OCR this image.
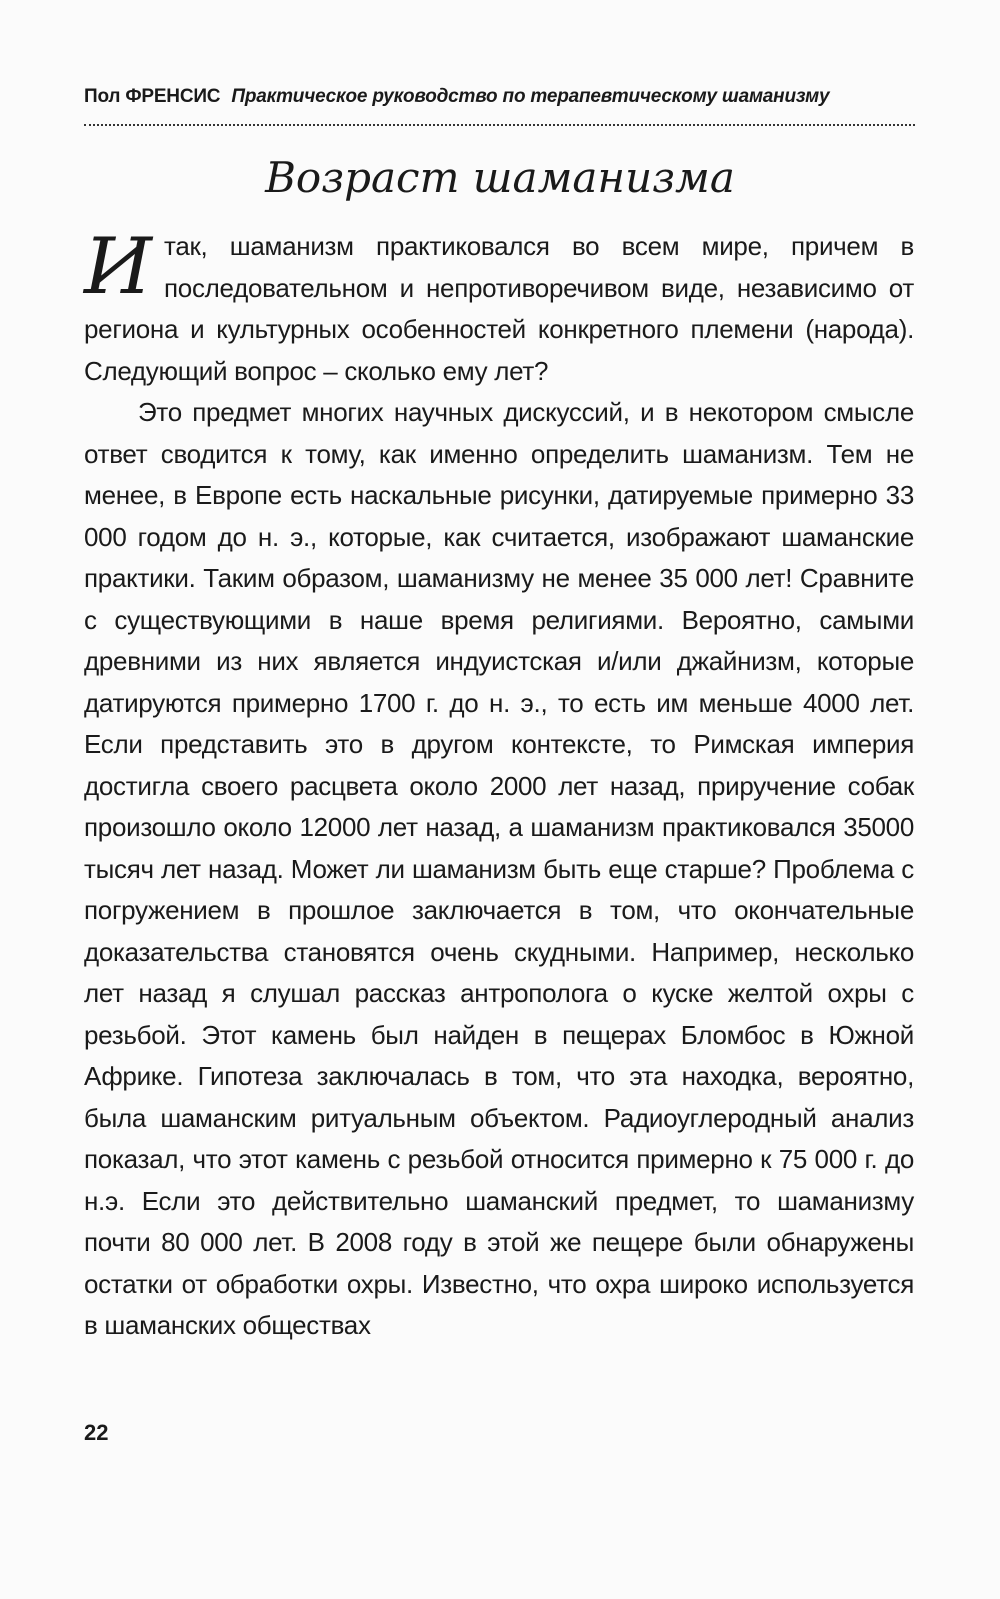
Пол ФРЕНСИС Практическое руководство по терапевтическому шаманизму
Возраст шаманизма

И так, шаманизм практиковался во всем мире, причем в последовательном и непротиворечивом виде, независимо от региона и культурных особенностей конкретного племени (народа). Следующий вопрос – сколько ему лет?

Это предмет многих научных дискуссий, и в некотором смысле ответ сводится к тому, как именно определить шаманизм. Тем не менее, в Европе есть наскальные рисунки, датируемые примерно 33 000 годом до н. э., которые, как считается, изображают шаманские практики. Таким образом, шаманизму не менее 35 000 лет! Сравните с существующими в наше время религиями. Вероятно, самыми древними из них является индуистская и/или джайнизм, которые датируются примерно 1700 г. до н. э., то есть им меньше 4000 лет. Если представить это в другом контексте, то Римская империя достигла своего расцвета около 2000 лет назад, приручение собак произошло около 12000 лет назад, а шаманизм практиковался 35000 тысяч лет назад. Может ли шаманизм быть еще старше? Проблема с погружением в прошлое заключается в том, что окончательные доказательства становятся очень скудными. Например, несколько лет назад я слушал рассказ антрополога о куске желтой охры с резьбой. Этот камень был найден в пещерах Бломбос в Южной Африке. Гипотеза заключалась в том, что эта находка, вероятно, была шаманским ритуальным объектом. Радиоуглеродный анализ показал, что этот камень с резьбой относится примерно к 75 000 г. до н.э. Если это действительно шаманский предмет, то шаманизму почти 80 000 лет. В 2008 году в этой же пещере были обнаружены остатки от обработки охры. Известно, что охра широко используется в шаманских обществах

22
